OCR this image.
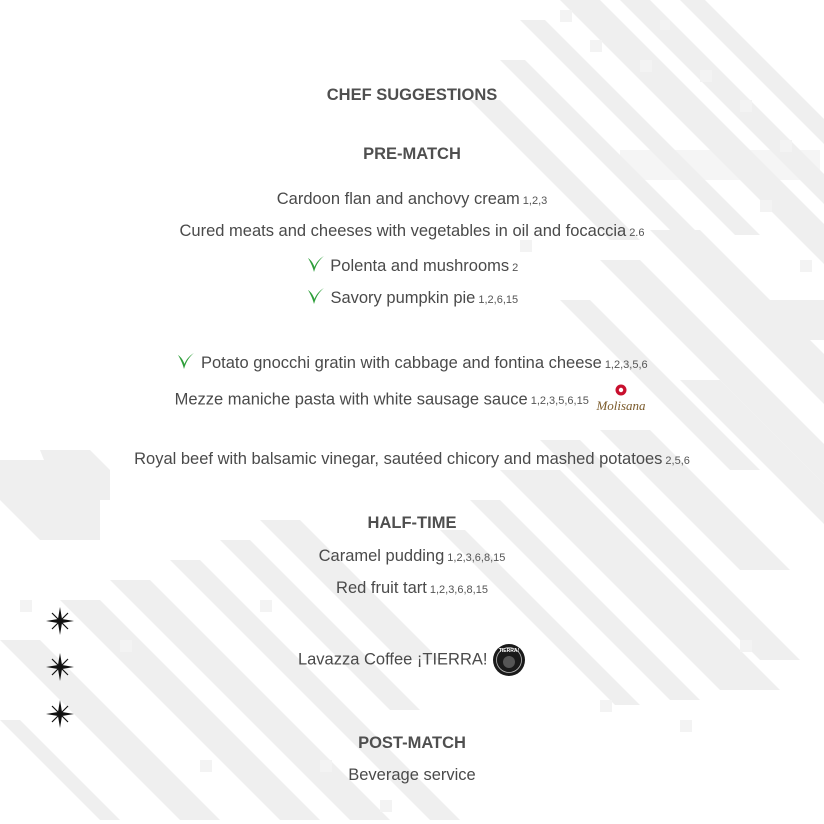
CHEF SUGGESTIONS
PRE-MATCH
Cardoon flan and anchovy cream 1,2,3
Cured meats and cheeses with vegetables in oil and focaccia 2.6
Polenta and mushrooms 2
Savory pumpkin pie 1,2,6,15
Potato gnocchi gratin with cabbage and fontina cheese 1,2,3,5,6
Mezze maniche pasta with white sausage sauce 1,2,3,5,6,15 Molisana
Royal beef with balsamic vinegar, sautéed chicory and mashed potatoes 2,5,6
HALF-TIME
Caramel pudding 1,2,3,6,8,15
Red fruit tart 1,2,3,6,8,15
Lavazza Coffee ¡TIERRA! TIERRA!
POST-MATCH
Beverage service
